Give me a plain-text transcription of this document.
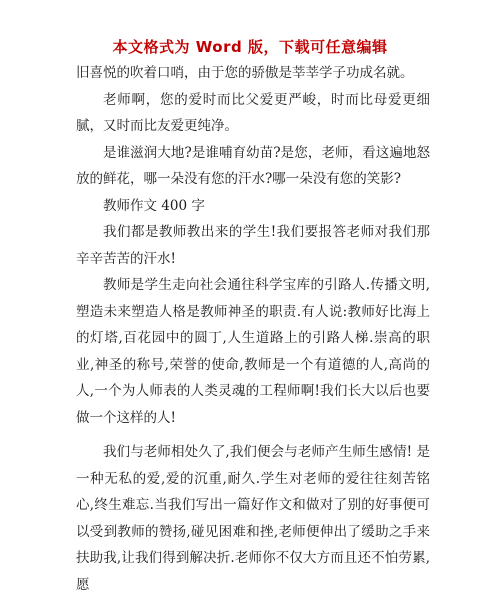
本文格式为 Word 版，下载可任意编辑

旧喜悦的吹着口哨，由于您的骄傲是莘莘学子功成名就。

老师啊，您的爱时而比父爱更严峻，时而比母爱更细腻，又时而比友爱更纯净。

是谁滋润大地?是谁哺育幼苗?是您，老师，看这遍地怒放的鲜花，哪一朵没有您的汗水?哪一朵没有您的笑影?

教师作文 400 字

我们都是教师教出来的学生!我们要报答老师对我们那辛辛苦苦的汗水!

教师是学生走向社会通往科学宝库的引路人.传播文明,塑造未来塑造人格是教师神圣的职责.有人说:教师好比海上的灯塔,百花园中的圆丁,人生道路上的引路人梯.崇高的职业,神圣的称号,荣誉的使命,教师是一个有道德的人,高尚的人,一个为人师表的人类灵魂的工程师啊!我们长大以后也要做一个这样的人!

我们与老师相处久了,我们便会与老师产生师生感情! 是一种无私的爱,爱的沉重,耐久.学生对老师的爱往往刻苦铭心,终生难忘.当我们写出一篇好作文和做对了别的好事便可以受到教师的赞扬,碰见困难和挫,老师便伸出了缓助之手来扶助我,让我们得到解决折.老师你不仅大方而且还不怕劳累,愿
